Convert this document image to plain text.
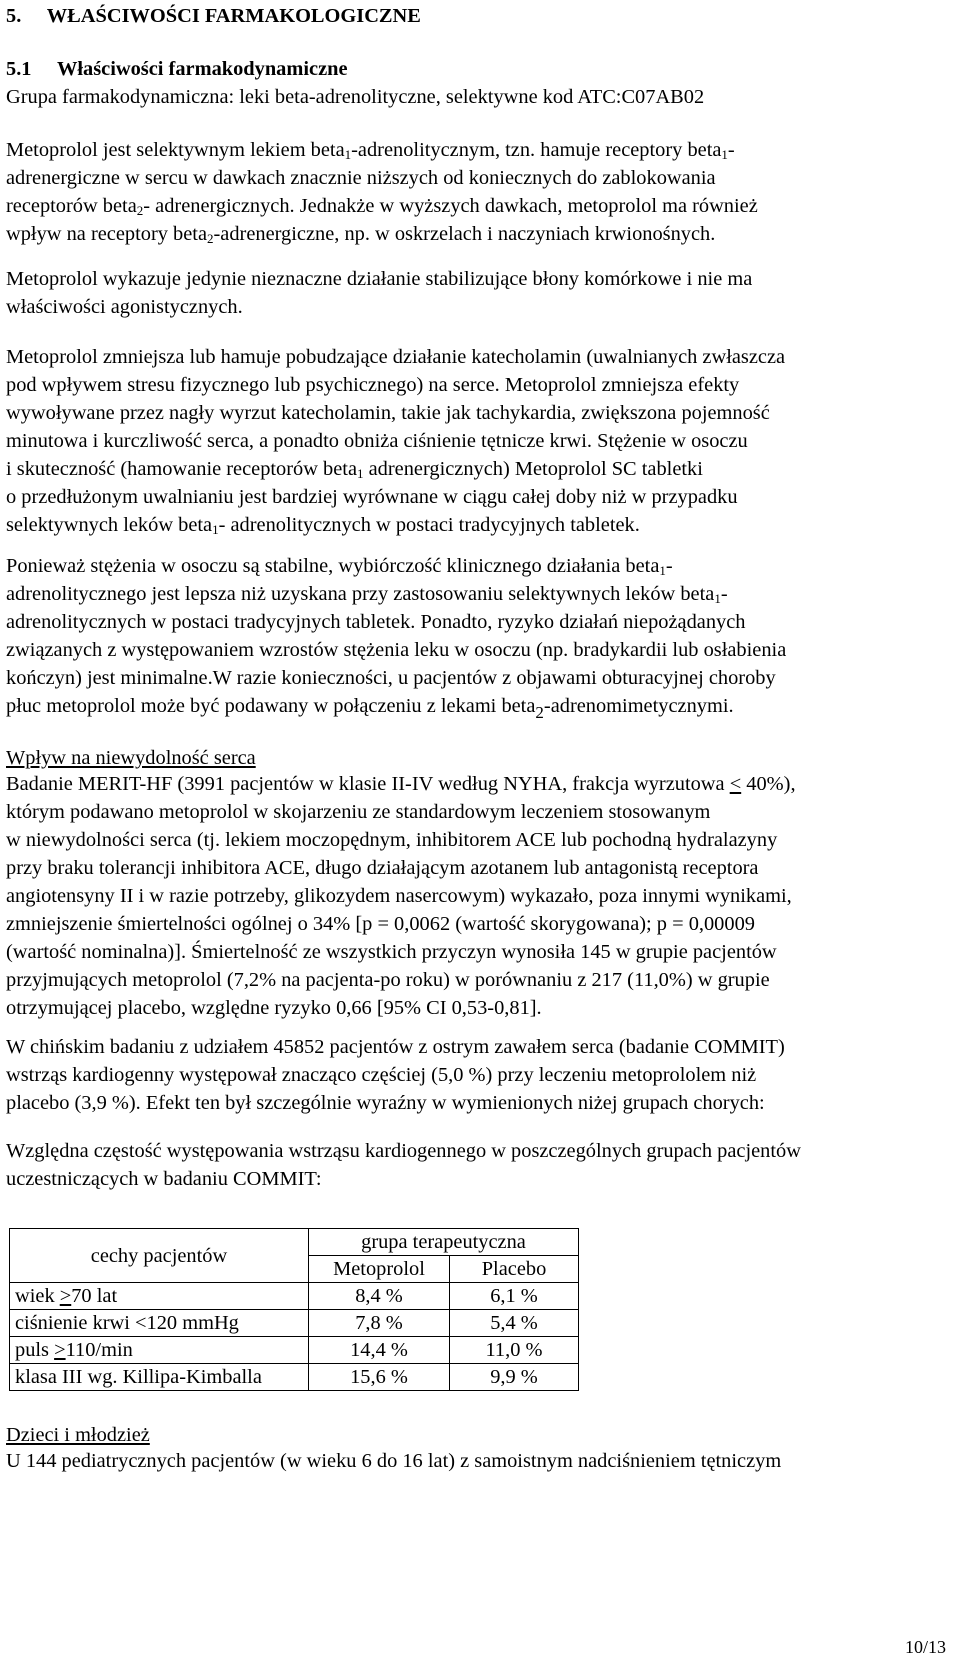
5.     WŁAŚCIWOŚCI FARMAKOLOGICZNE
5.1     Właściwości farmakodynamiczne
Grupa farmakodynamiczna: leki beta-adrenolityczne, selektywne kod ATC:C07AB02
Metoprolol jest selektywnym lekiem beta$_1$-adrenolitycznym, tzn. hamuje receptory beta$_1$-
adrenergiczne w sercu w dawkach znacznie niższych od koniecznych do zablokowania
receptorów beta$_2$- adrenergicznych. Jednakże w wyższych dawkach, metoprolol ma również
wpływ na receptory beta$_2$-adrenergiczne, np. w oskrzelach i naczyniach krwionośnych.
Metoprolol wykazuje jedynie nieznaczne działanie stabilizujące błony komórkowe i nie ma
właściwości agonistycznych.
Metoprolol zmniejsza lub hamuje pobudzające działanie katecholamin (uwalnianych zwłaszcza
pod wpływem stresu fizycznego lub psychicznego) na serce. Metoprolol zmniejsza efekty
wywoływane przez nagły wyrzut katecholamin, takie jak tachykardia, zwiększona pojemność
minutowa i kurczliwość serca, a ponadto obniża ciśnienie tętnicze krwi. Stężenie w osoczu
i skuteczność (hamowanie receptorów beta$_1$ adrenergicznych) Metoprolol SC tabletki
o przedłużonym uwalnianiu jest bardziej wyrównane w ciągu całej doby niż w przypadku
selektywnych leków beta$_1$- adrenolitycznych w postaci tradycyjnych tabletek.
Ponieważ stężenia w osoczu są stabilne, wybiórczość klinicznego działania beta$_1$-
adrenolitycznego jest lepsza niż uzyskana przy zastosowaniu selektywnych leków beta$_1$-
adrenolitycznych w postaci tradycyjnych tabletek. Ponadto, ryzyko działań niepożądanych
związanych z występowaniem wzrostów stężenia leku w osoczu (np. bradykardii lub osłabienia
kończyn) jest minimalne.W razie konieczności, u pacjentów z objawami obturacyjnej choroby
płuc metoprolol może być podawany w połączeniu z lekami beta$_2$-adrenomimetycznymi.
Wpływ na niewydolność serca
Badanie MERIT-HF (3991 pacjentów w klasie II-IV według NYHA, frakcja wyrzutowa < 40%),
którym podawano metoprolol w skojarzeniu ze standardowym leczeniem stosowanym
w niewydolności serca (tj. lekiem moczopędnym, inhibitorem ACE lub pochodną hydralazyny
przy braku tolerancji inhibitora ACE, długo działającym azotanem lub antagonistą receptora
angiotensyny II i w razie potrzeby, glikozydem nasercowym) wykazało, poza innymi wynikami,
zmniejszenie śmiertelności ogólnej o 34% [p = 0,0062 (wartość skorygowana); p = 0,00009
(wartość nominalna)]. Śmiertelność ze wszystkich przyczyn wynosiła 145 w grupie pacjentów
przyjmujących metoprolol (7,2% na pacjenta-po roku) w porównaniu z 217 (11,0%) w grupie
otrzymującej placebo, względne ryzyko 0,66 [95% CI 0,53-0,81].
W chińskim badaniu z udziałem 45852 pacjentów z ostrym zawałem serca (badanie COMMIT)
wstrząs kardiogenny występował znacząco częściej (5,0 %) przy leczeniu metoprololem niż
placebo (3,9 %). Efekt ten był szczególnie wyraźny w wymienionych niżej grupach chorych:
Względna częstość występowania wstrząsu kardiogennego w poszczególnych grupach pacjentów
uczestniczących w badaniu COMMIT:
cechy pacjentów	grupa terapeutyczna	
	Metoprolol	Placebo
wiek >70 lat	8,4 %	6,1 %
ciśnienie krwi <120 mmHg	7,8 %	5,4 %
puls >110/min	14,4 %	11,0 %
klasa III wg. Killipa-Kimballa	15,6 %	9,9 %
Dzieci i młodzież
U 144 pediatrycznych pacjentów (w wieku 6 do 16 lat) z samoistnym nadciśnieniem tętniczym
10/13
